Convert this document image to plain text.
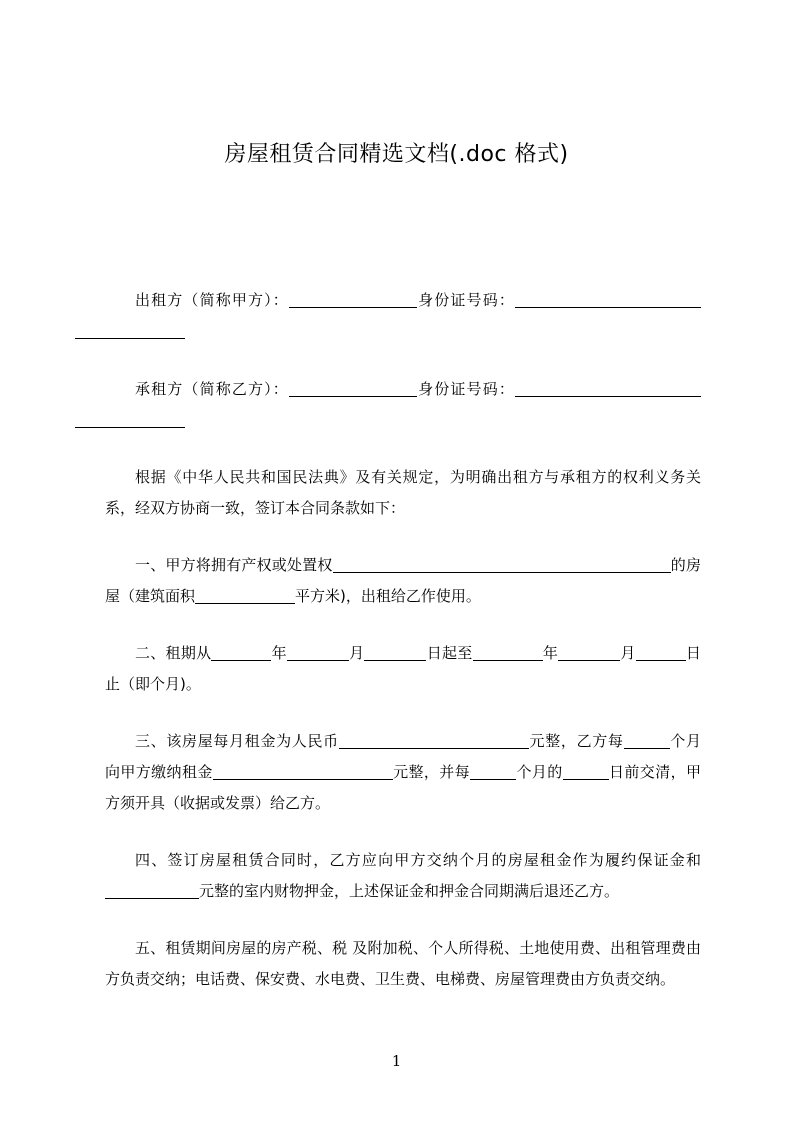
房屋租赁合同精选文档(.doc 格式)

出租方（简称甲方）：	身份证号码：

承租方（简称乙方）：	身份证号码：

根据《中华人民共和国民法典》及有关规定，为明确出租方与承租方的权利义务关系，经双方协商一致，签订本合同条款如下：

一、甲方将拥有产权或处置权	的房屋（建筑面积	平方米)，出租给乙作使用。

二、租期从	年	月	日起至	年	月	日止（即个月)。

三、该房屋每月租金为人民币	元整，乙方每	个月向甲方缴纳租金	元整，并每	个月的	日前交清，甲方须开具（收据或发票）给乙方。

四、签订房屋租赁合同时，乙方应向甲方交纳个月的房屋租金作为履约保证金和元整的室内财物押金，上述保证金和押金合同期满后退还乙方。

五、租赁期间房屋的房产税、税 及附加税、个人所得税、土地使用费、出租管理费由方负责交纳；电话费、保安费、水电费、卫生费、电梯费、房屋管理费由方负责交纳。

1
